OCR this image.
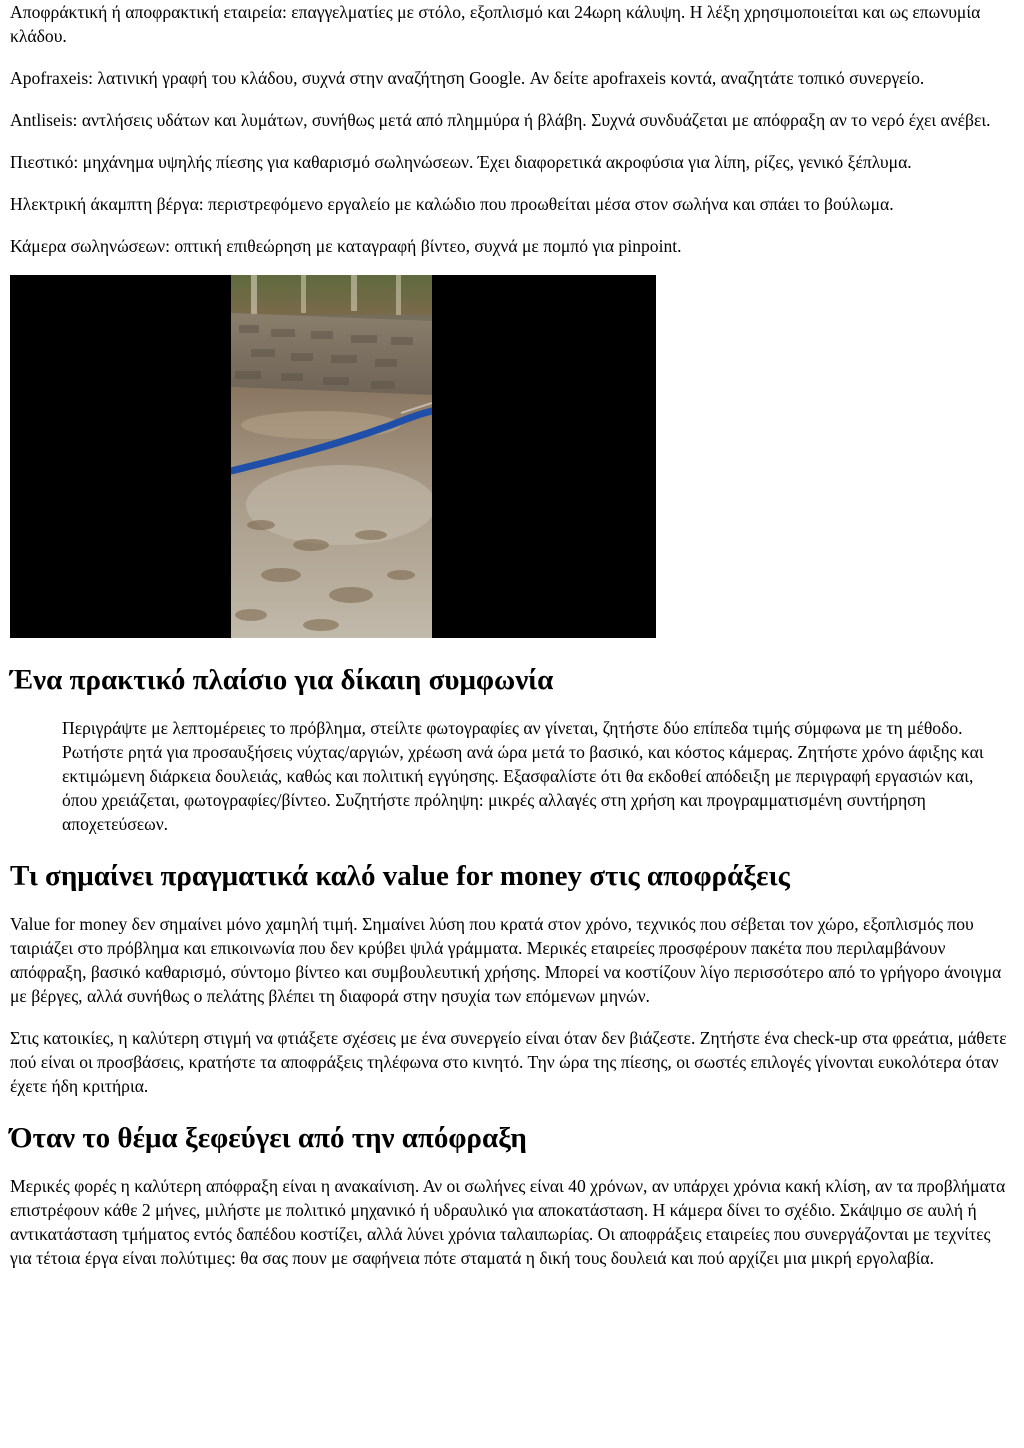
Αποφράκτική ή αποφρακτική εταιρεία: επαγγελματίες με στόλο, εξοπλισμό και 24ωρη κάλυψη. Η λέξη χρησιμοποιείται και ως επωνυμία κλάδου.

Apofraxeis: λατινική γραφή του κλάδου, συχνά στην αναζήτηση Google. Αν δείτε apofraxeis κοντά, αναζητάτε τοπικό συνεργείο.

Antliseis: αντλήσεις υδάτων και λυμάτων, συνήθως μετά από πλημμύρα ή βλάβη. Συχνά συνδυάζεται με απόφραξη αν το νερό έχει ανέβει.

Πιεστικό: μηχάνημα υψηλής πίεσης για καθαρισμό σωληνώσεων. Έχει διαφορετικά ακροφύσια για λίπη, ρίζες, γενικό ξέπλυμα.

Ηλεκτρική άκαμπτη βέργα: περιστρεφόμενο εργαλείο με καλώδιο που προωθείται μέσα στον σωλήνα και σπάει το βούλωμα.

Κάμερα σωληνώσεων: οπτική επιθεώρηση με καταγραφή βίντεο, συχνά με πομπό για pinpoint.

Ένα πρακτικό πλαίσιο για δίκαιη συμφωνία

Περιγράψτε με λεπτομέρειες το πρόβλημα, στείλτε φωτογραφίες αν γίνεται, ζητήστε δύο επίπεδα τιμής σύμφωνα με τη μέθοδο. Ρωτήστε ρητά για προσαυξήσεις νύχτας/αργιών, χρέωση ανά ώρα μετά το βασικό, και κόστος κάμερας. Ζητήστε χρόνο άφιξης και εκτιμώμενη διάρκεια δουλειάς, καθώς και πολιτική εγγύησης. Εξασφαλίστε ότι θα εκδοθεί απόδειξη με περιγραφή εργασιών και, όπου χρειάζεται, φωτογραφίες/βίντεο. Συζητήστε πρόληψη: μικρές αλλαγές στη χρήση και προγραμματισμένη συντήρηση αποχετεύσεων.

Τι σημαίνει πραγματικά καλό value for money στις αποφράξεις

Value for money δεν σημαίνει μόνο χαμηλή τιμή. Σημαίνει λύση που κρατά στον χρόνο, τεχνικός που σέβεται τον χώρο, εξοπλισμός που ταιριάζει στο πρόβλημα και επικοινωνία που δεν κρύβει ψιλά γράμματα. Μερικές εταιρείες προσφέρουν πακέτα που περιλαμβάνουν απόφραξη, βασικό καθαρισμό, σύντομο βίντεο και συμβουλευτική χρήσης. Μπορεί να κοστίζουν λίγο περισσότερο από το γρήγορο άνοιγμα με βέργες, αλλά συνήθως ο πελάτης βλέπει τη διαφορά στην ησυχία των επόμενων μηνών.

Στις κατοικίες, η καλύτερη στιγμή να φτιάξετε σχέσεις με ένα συνεργείο είναι όταν δεν βιάζεστε. Ζητήστε ένα check-up στα φρεάτια, μάθετε πού είναι οι προσβάσεις, κρατήστε τα αποφράξεις τηλέφωνα στο κινητό. Την ώρα της πίεσης, οι σωστές επιλογές γίνονται ευκολότερα όταν έχετε ήδη κριτήρια.

Όταν το θέμα ξεφεύγει από την απόφραξη

Μερικές φορές η καλύτερη απόφραξη είναι η ανακαίνιση. Αν οι σωλήνες είναι 40 χρόνων, αν υπάρχει χρόνια κακή κλίση, αν τα προβλήματα επιστρέφουν κάθε 2 μήνες, μιλήστε με πολιτικό μηχανικό ή υδραυλικό για αποκατάσταση. Η κάμερα δίνει το σχέδιο. Σκάψιμο σε αυλή ή αντικατάσταση τμήματος εντός δαπέδου κοστίζει, αλλά λύνει χρόνια ταλαιπωρίας. Οι αποφράξεις εταιρείες που συνεργάζονται με τεχνίτες για τέτοια έργα είναι πολύτιμες: θα σας πουν με σαφήνεια πότε σταματά η δική τους δουλειά και πού αρχίζει μια μικρή εργολαβία.
